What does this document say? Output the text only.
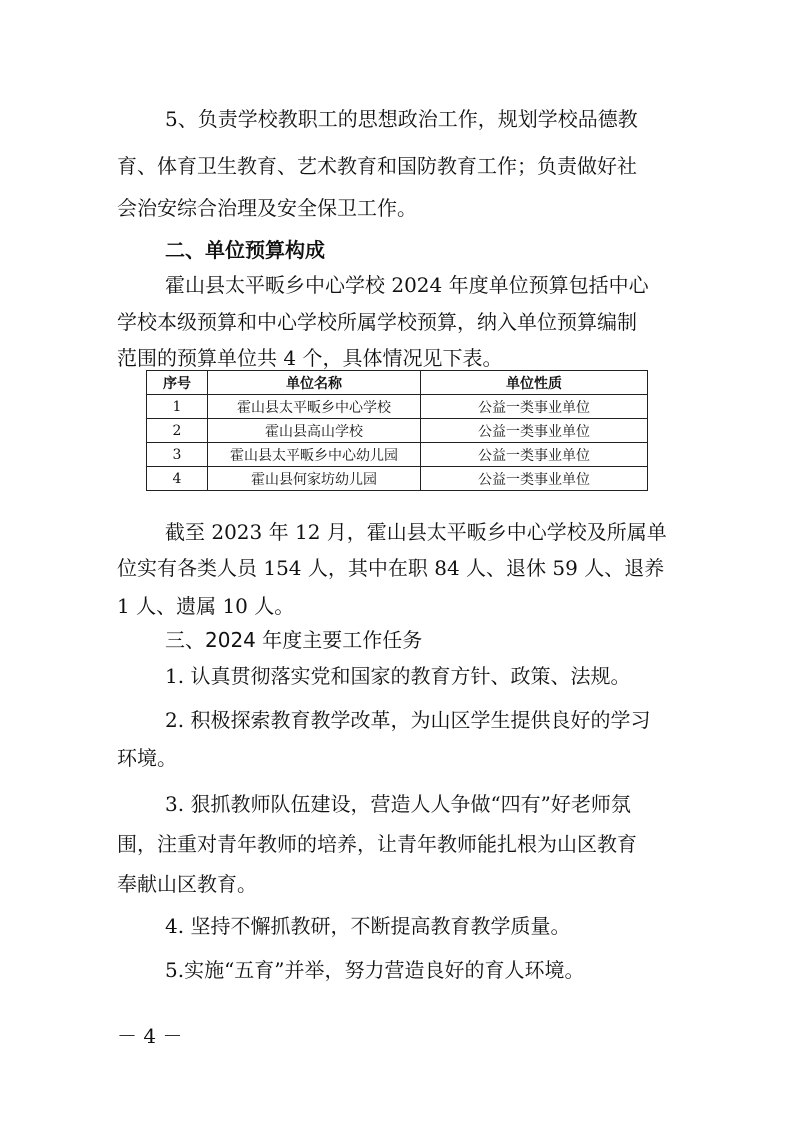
5、负责学校教职工的思想政治工作，规划学校品德教
育、体育卫生教育、艺术教育和国防教育工作；负责做好社
会治安综合治理及安全保卫工作。
二、单位预算构成
霍山县太平畈乡中心学校 2024 年度单位预算包括中心
学校本级预算和中心学校所属学校预算，纳入单位预算编制
范围的预算单位共 4 个，具体情况见下表。
序号	单位名称	单位性质
1	霍山县太平畈乡中心学校	公益一类事业单位
2	霍山县高山学校	公益一类事业单位
3	霍山县太平畈乡中心幼儿园	公益一类事业单位
4	霍山县何家坊幼儿园	公益一类事业单位
截至 2023 年 12 月，霍山县太平畈乡中心学校及所属单
位实有各类人员 154 人，其中在职 84 人、退休 59 人、退养
1 人、遗属 10 人。
三、2024 年度主要工作任务
1. 认真贯彻落实党和国家的教育方针、政策、法规。
2. 积极探索教育教学改革，为山区学生提供良好的学习
环境。
3. 狠抓教师队伍建设，营造人人争做“四有”好老师氛
围，注重对青年教师的培养，让青年教师能扎根为山区教育
奉献山区教育。
4. 坚持不懈抓教研，不断提高教育教学质量。
5.实施“五育”并举，努力营造良好的育人环境。
－ 4 －
